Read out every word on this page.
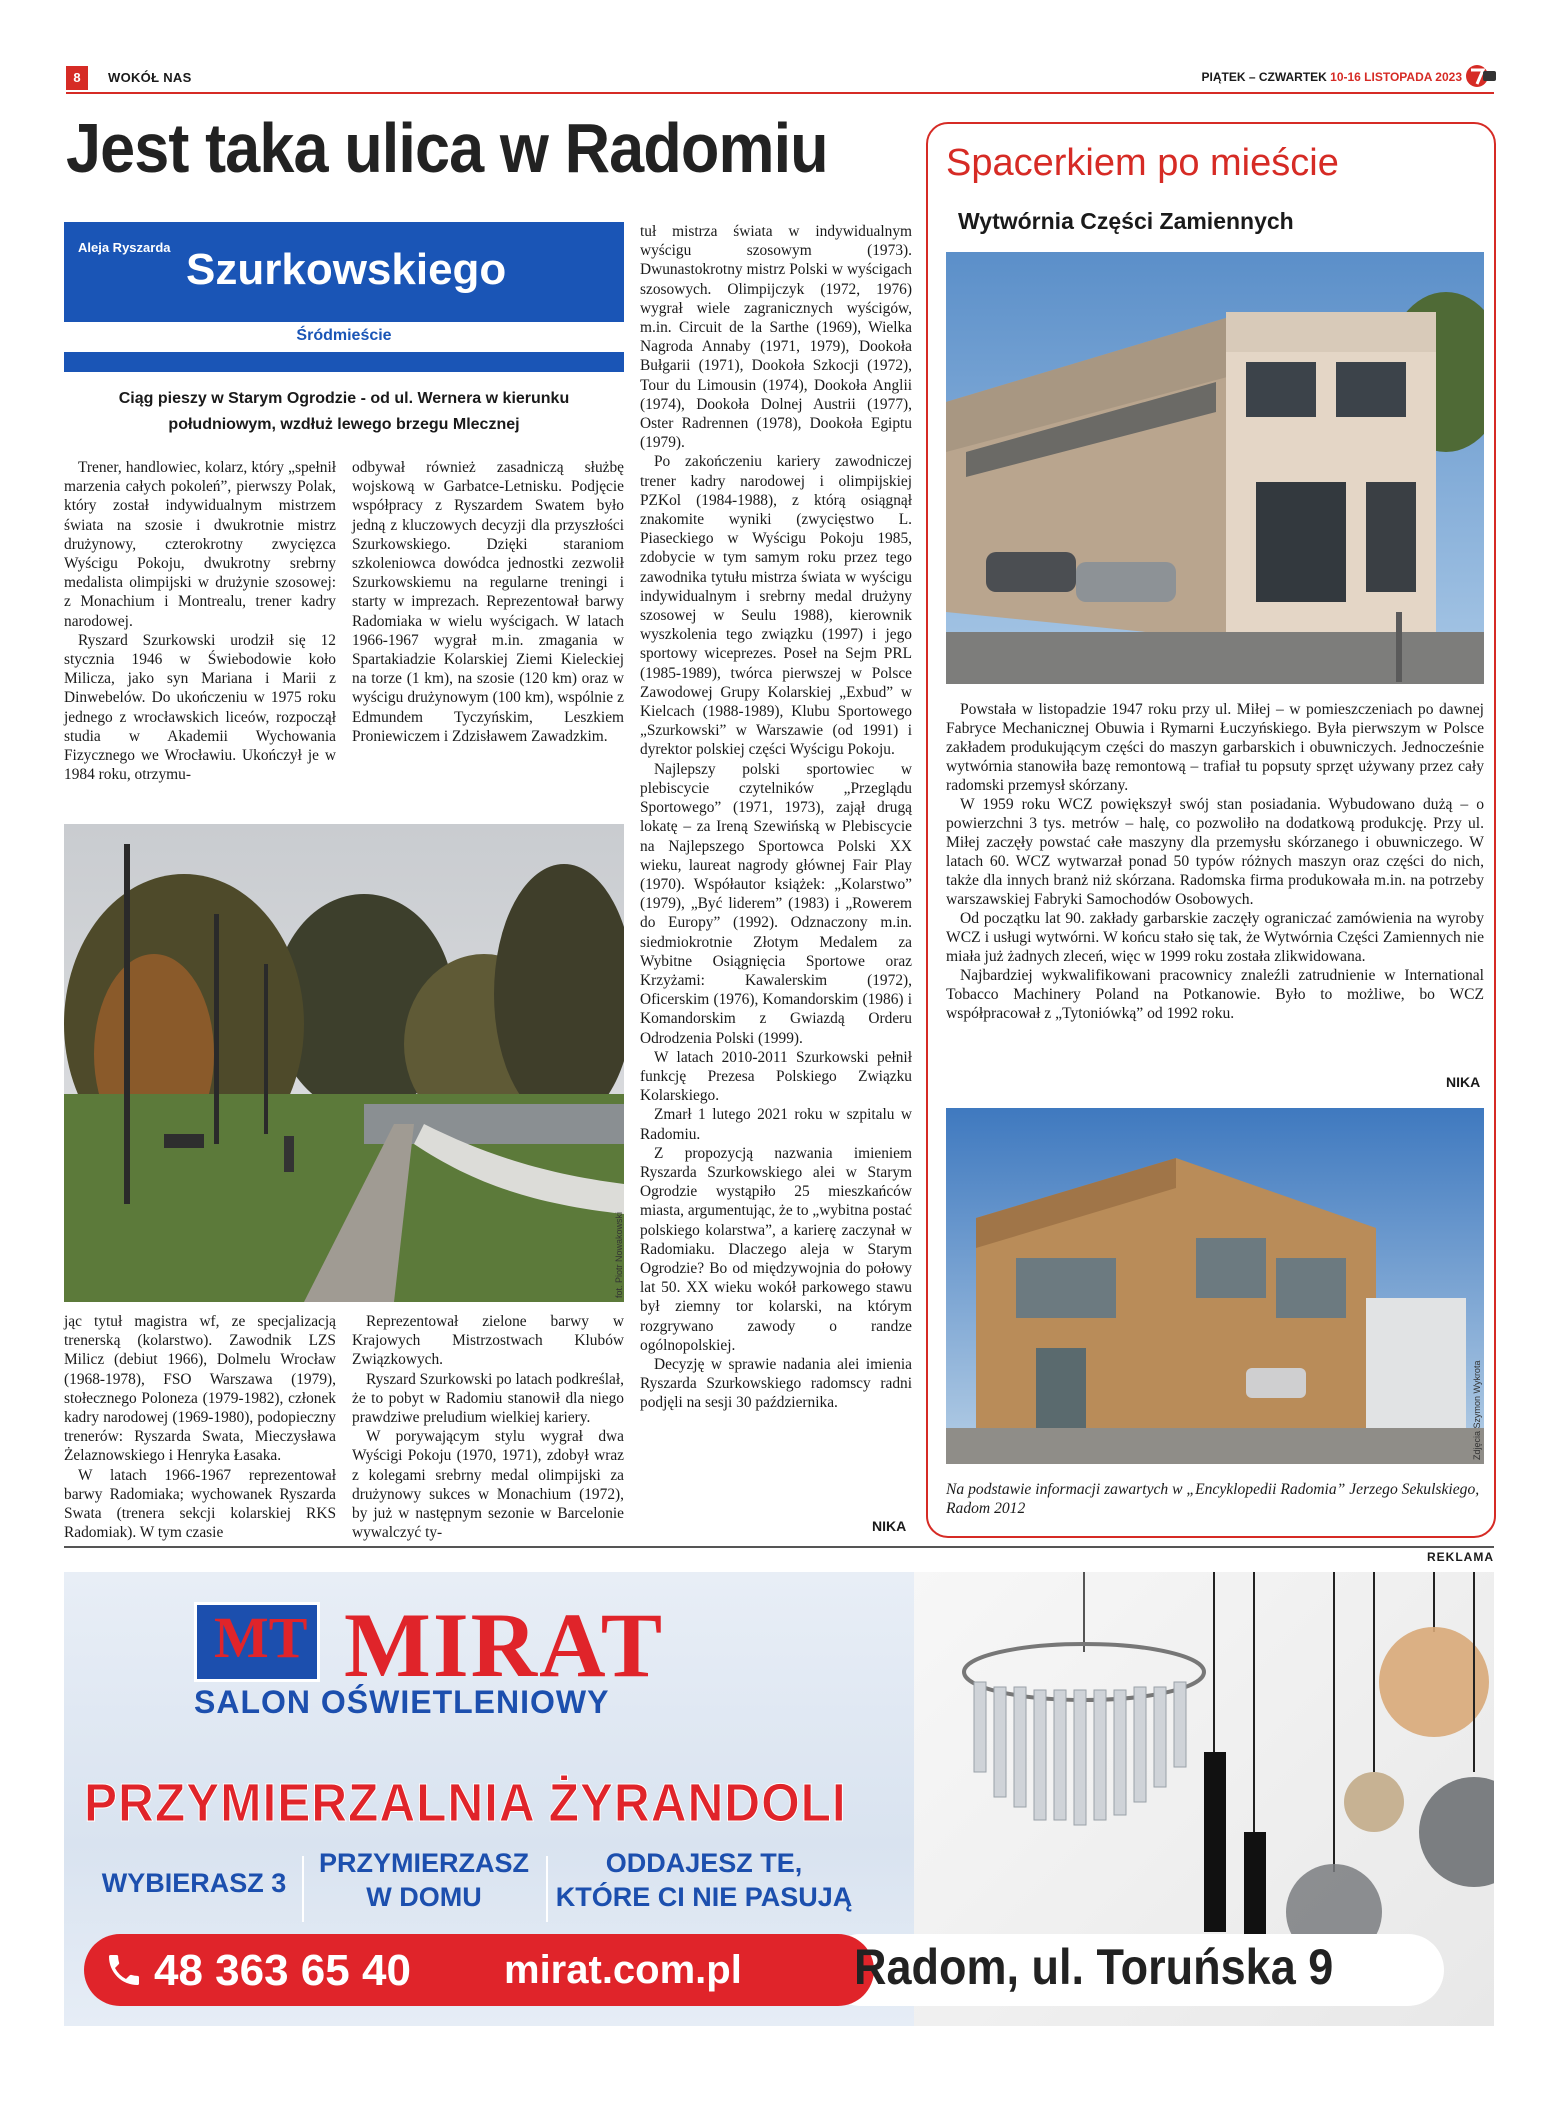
8	WOKÓŁ NAS	PIĄTEK – CZWARTEK 10-16 LISTOPADA 2023
Jest taka ulica w Radomiu
Aleja Ryszarda Szurkowskiego
Śródmieście
Ciąg pieszy w Starym Ogrodzie - od ul. Wernera w kierunku południowym, wzdłuż lewego brzegu Mlecznej

Trener, handlowiec, kolarz, który „spełnił marzenia całych pokoleń”, pierwszy Polak, który został indywidualnym mistrzem świata na szosie i dwukrotnie mistrz drużynowy, czterokrotny zwycięzca Wyścigu Pokoju, dwukrotny srebrny medalista olimpijski w drużynie szosowej: z Monachium i Montrealu, trener kadry narodowej.

Ryszard Szurkowski urodził się 12 stycznia 1946 w Świebodowie koło Milicza, jako syn Mariana i Marii z Dinwebelów. Do ukończeniu w 1975 roku jednego z wrocławskich liceów, rozpoczął studia w Akademii Wychowania Fizycznego we Wrocławiu. Ukończył je w 1984 roku, otrzymu-

odbywał również zasadniczą służbę wojskową w Garbatce-Letnisku. Podjęcie współpracy z Ryszardem Swatem było jedną z kluczowych decyzji dla przyszłości Szurkowskiego. Dzięki staraniom szkoleniowca dowódca jednostki zezwolił Szurkowskiemu na regularne treningi i starty w imprezach. Reprezentował barwy Radomiaka w wielu wyścigach. W latach 1966-1967 wygrał m.in. zmagania w Spartakiadzie Kolarskiej Ziemi Kieleckiej na torze (1 km), na szosie (120 km) oraz w wyścigu drużynowym (100 km), wspólnie z Edmundem Tyczyńskim, Leszkiem Proniewiczem i Zdzisławem Zawadzkim.

fot. Piotr Nowakowski

jąc tytuł magistra wf, ze specjalizacją trenerską (kolarstwo). Zawodnik LZS Milicz (debiut 1966), Dolmelu Wrocław (1968-1978), FSO Warszawa (1979), stołecznego Poloneza (1979-1982), członek kadry narodowej (1969-1980), podopieczny trenerów: Ryszarda Swata, Mieczysława Żelaznowskiego i Henryka Łasaka.

W latach 1966-1967 reprezentował barwy Radomiaka; wychowanek Ryszarda Swata (trenera sekcji kolarskiej RKS Radomiak). W tym czasie

Reprezentował zielone barwy w Krajowych Mistrzostwach Klubów Związkowych.

Ryszard Szurkowski po latach podkreślał, że to pobyt w Radomiu stanowił dla niego prawdziwe preludium wielkiej kariery.

W porywającym stylu wygrał dwa Wyścigi Pokoju (1970, 1971), zdobył wraz z kolegami srebrny medal olimpijski za drużynowy sukces w Monachium (1972), by już w następnym sezonie w Barcelonie wywalczyć ty-

tuł mistrza świata w indywidualnym wyścigu szosowym (1973). Dwunastokrotny mistrz Polski w wyścigach szosowych. Olimpijczyk (1972, 1976) wygrał wiele zagranicznych wyścigów, m.in. Circuit de la Sarthe (1969), Wielka Nagroda Annaby (1971, 1979), Dookoła Bułgarii (1971), Dookoła Szkocji (1972), Tour du Limousin (1974), Dookoła Anglii (1974), Dookoła Dolnej Austrii (1977), Oster Radrennen (1978), Dookoła Egiptu (1979).

Po zakończeniu kariery zawodniczej trener kadry narodowej i olimpijskiej PZKol (1984-1988), z którą osiągnął znakomite wyniki (zwycięstwo L. Piaseckiego w Wyścigu Pokoju 1985, zdobycie w tym samym roku przez tego zawodnika tytułu mistrza świata w wyścigu indywidualnym i srebrny medal drużyny szosowej w Seulu 1988), kierownik wyszkolenia tego związku (1997) i jego sportowy wiceprezes. Poseł na Sejm PRL (1985-1989), twórca pierwszej w Polsce Zawodowej Grupy Kolarskiej „Exbud” w Kielcach (1988-1989), Klubu Sportowego „Szurkowski” w Warszawie (od 1991) i dyrektor polskiej części Wyścigu Pokoju.

Najlepszy polski sportowiec w plebiscycie czytelników „Przeglądu Sportowego” (1971, 1973), zajął drugą lokatę – za Ireną Szewińską w Plebiscycie na Najlepszego Sportowca Polski XX wieku, laureat nagrody głównej Fair Play (1970). Współautor książek: „Kolarstwo” (1979), „Być liderem” (1983) i „Rowerem do Europy” (1992). Odznaczony m.in. siedmiokrotnie Złotym Medalem za Wybitne Osiągnięcia Sportowe oraz Krzyżami: Kawalerskim (1972), Oficerskim (1976), Komandorskim (1986) i Komandorskim z Gwiazdą Orderu Odrodzenia Polski (1999).

W latach 2010-2011 Szurkowski pełnił funkcję Prezesa Polskiego Związku Kolarskiego.

Zmarł 1 lutego 2021 roku w szpitalu w Radomiu.

Z propozycją nazwania imieniem Ryszarda Szurkowskiego alei w Starym Ogrodzie wystąpiło 25 mieszkańców miasta, argumentując, że to „wybitna postać polskiego kolarstwa”, a karierę zaczynał w Radomiaku. Dlaczego aleja w Starym Ogrodzie? Bo od międzywojnia do połowy lat 50. XX wieku wokół parkowego stawu był ziemny tor kolarski, na którym rozgrywano zawody o randze ogólnopolskiej.

Decyzję w sprawie nadania alei imienia Ryszarda Szurkowskiego radomscy radni podjęli na sesji 30 października.

NIKA
Spacerkiem po mieście
Wytwórnia Części Zamiennych

Powstała w listopadzie 1947 roku przy ul. Miłej – w pomieszczeniach po dawnej Fabryce Mechanicznej Obuwia i Rymarni Łuczyńskiego. Była pierwszym w Polsce zakładem produkującym części do maszyn garbarskich i obuwniczych. Jednocześnie wytwórnia stanowiła bazę remontową – trafiał tu popsuty sprzęt używany przez cały radomski przemysł skórzany.

W 1959 roku WCZ powiększył swój stan posiadania. Wybudowano dużą – o powierzchni 3 tys. metrów – halę, co pozwoliło na dodatkową produkcję. Przy ul. Miłej zaczęły powstać całe maszyny dla przemysłu skórzanego i obuwniczego. W latach 60. WCZ wytwarzał ponad 50 typów różnych maszyn oraz części do nich, także dla innych branż niż skórzana. Radomska firma produkowała m.in. na potrzeby warszawskiej Fabryki Samochodów Osobowych.

Od początku lat 90. zakłady garbarskie zaczęły ograniczać zamówienia na wyroby WCZ i usługi wytwórni. W końcu stało się tak, że Wytwórnia Części Zamiennych nie miała już żadnych zleceń, więc w 1999 roku została zlikwidowana.

Najbardziej wykwalifikowani pracownicy znaleźli zatrudnienie w International Tobacco Machinery Poland na Potkanowie. Było to możliwe, bo WCZ współpracował z „Tytoniówką” od 1992 roku.

NIKA
Zdjęcia Szymon Wykrota
Na podstawie informacji zawartych w „Encyklopedii Radomia” Jerzego Sekulskiego, Radom 2012
REKLAMA
MT MIRAT
SALON OŚWIETLENIOWY
PRZYMIERZALNIA ŻYRANDOLI
WYBIERASZ 3
PRZYMIERZASZ
W DOMU
ODDAJESZ TE,
KTÓRE CI NIE PASUJĄ
48 363 65 40 mirat.com.pl Radom, ul. Toruńska 9
